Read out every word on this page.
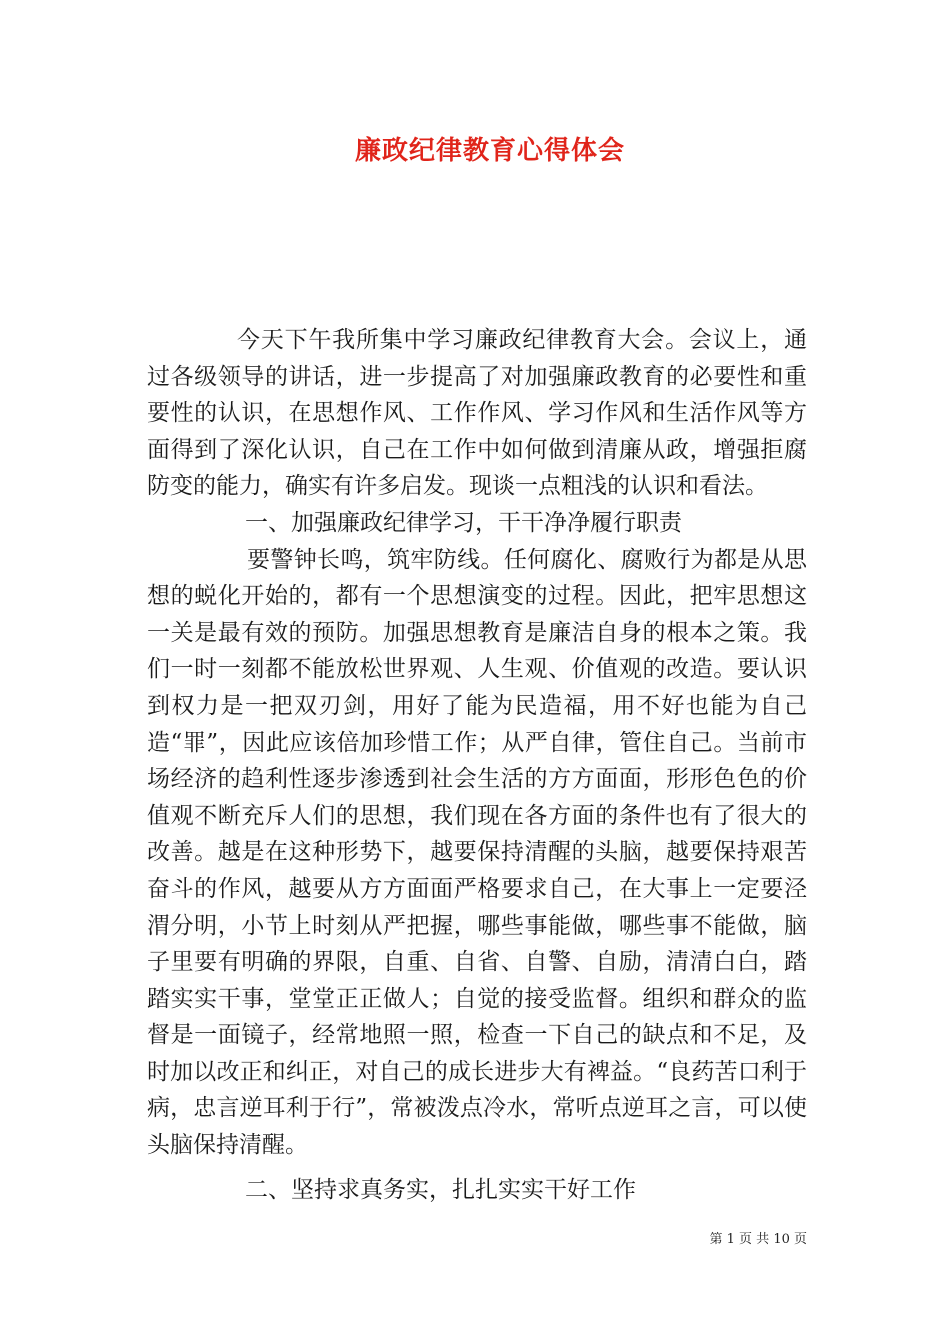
廉政纪律教育心得体会

今天下午我所集中学习廉政纪律教育大会。会议上，通过各级领导的讲话，进一步提高了对加强廉政教育的必要性和重要性的认识，在思想作风、工作作风、学习作风和生活作风等方面得到了深化认识，自己在工作中如何做到清廉从政，增强拒腐防变的能力，确实有许多启发。现谈一点粗浅的认识和看法。

一、加强廉政纪律学习，干干净净履行职责

要警钟长鸣，筑牢防线。任何腐化、腐败行为都是从思想的蜕化开始的，都有一个思想演变的过程。因此，把牢思想这一关是最有效的预防。加强思想教育是廉洁自身的根本之策。我们一时一刻都不能放松世界观、人生观、价值观的改造。要认识到权力是一把双刃剑，用好了能为民造福，用不好也能为自己造“罪”，因此应该倍加珍惜工作；从严自律，管住自己。当前市场经济的趋利性逐步渗透到社会生活的方方面面，形形色色的价值观不断充斥人们的思想，我们现在各方面的条件也有了很大的改善。越是在这种形势下，越要保持清醒的头脑，越要保持艰苦奋斗的作风，越要从方方面面严格要求自己，在大事上一定要泾渭分明，小节上时刻从严把握，哪些事能做，哪些事不能做，脑子里要有明确的界限，自重、自省、自警、自励，清清白白，踏踏实实干事，堂堂正正做人；自觉的接受监督。组织和群众的监督是一面镜子，经常地照一照，检查一下自己的缺点和不足，及时加以改正和纠正，对自己的成长进步大有裨益。“良药苦口利于病，忠言逆耳利于行”，常被泼点冷水，常听点逆耳之言，可以使头脑保持清醒。

二、坚持求真务实，扎扎实实干好工作

第 1 页 共 10 页
